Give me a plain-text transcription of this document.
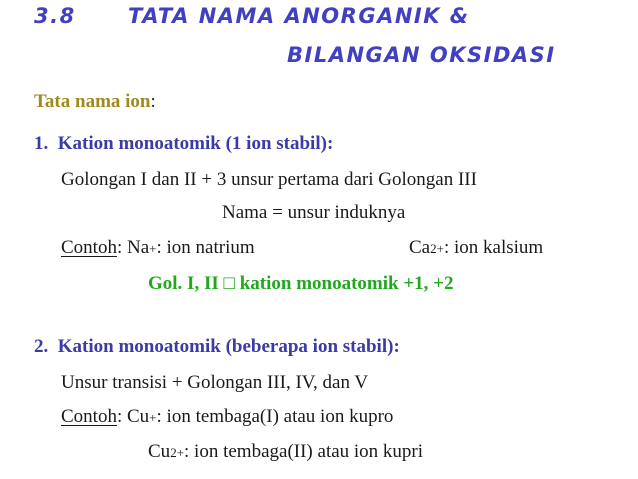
3.8 TATA NAMA ANORGANIK &
BILANGAN OKSIDASI
Tata nama ion:
1.  Kation monoatomik (1 ion stabil):
Golongan I dan II + 3 unsur pertama dari Golongan III
Nama = unsur induknya
Contoh: Na+: ion natrium	Ca2+: ion kalsium
Gol. I, II □ kation monoatomik +1, +2
2.  Kation monoatomik (beberapa ion stabil):
Unsur transisi + Golongan III, IV, dan V
Contoh: Cu+: ion tembaga(I) atau ion kupro
Cu2+: ion tembaga(II) atau ion kupri
